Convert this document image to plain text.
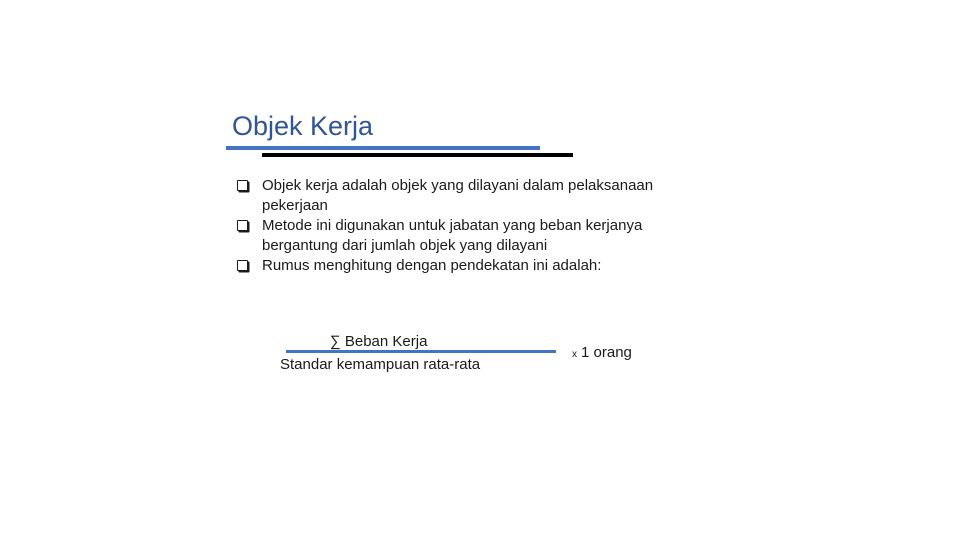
Objek Kerja
Objek kerja adalah objek yang dilayani dalam pelaksanaan pekerjaan
Metode ini digunakan untuk jabatan yang beban kerjanya bergantung dari jumlah objek yang dilayani
Rumus menghitung dengan pendekatan ini adalah:
∑ Beban Kerja
Standar kemampuan rata-rata
x 1 orang
